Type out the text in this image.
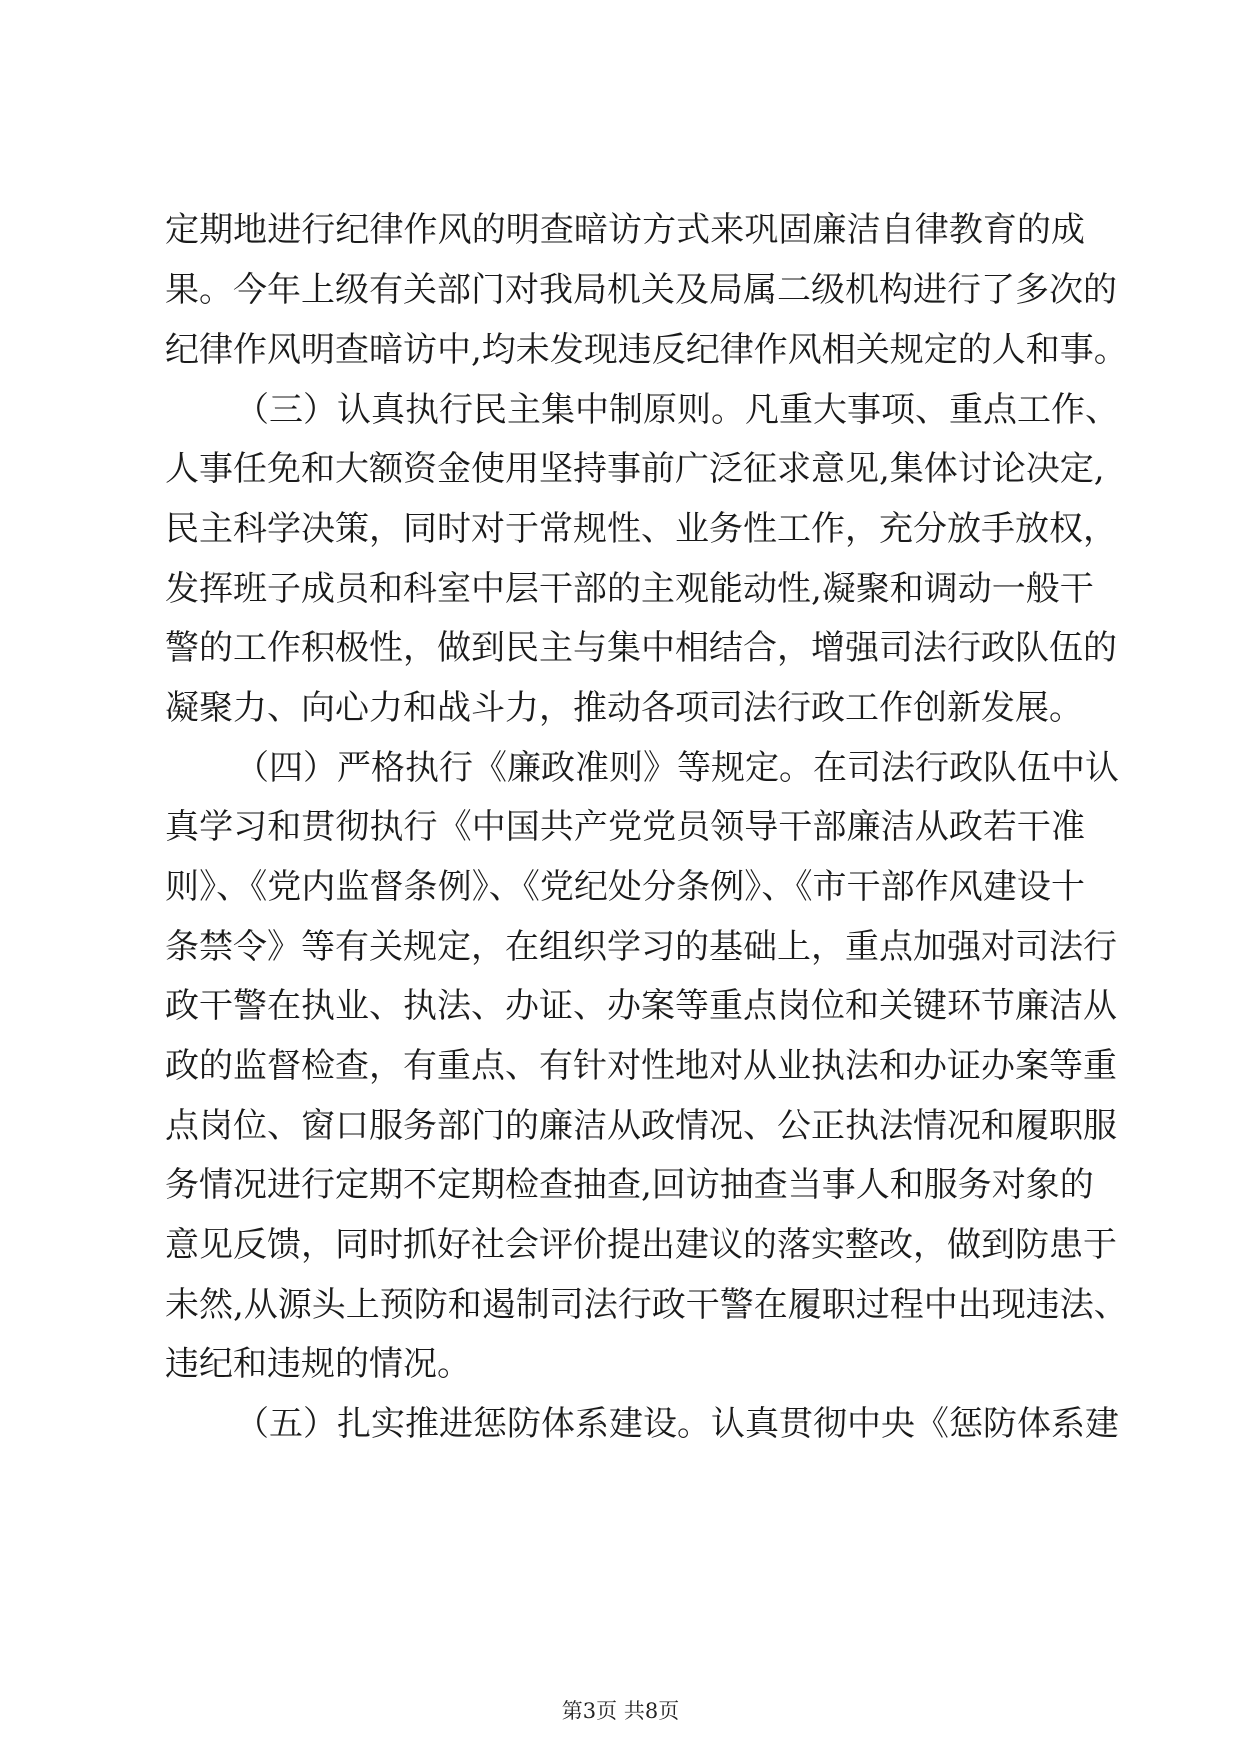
定期地进行纪律作风的明查暗访方式来巩固廉洁自律教育的成
果。今年上级有关部门对我局机关及局属二级机构进行了多次的
纪律作风明查暗访中,均未发现违反纪律作风相关规定的人和事。
（三）认真执行民主集中制原则。凡重大事项、重点工作、
人事任免和大额资金使用坚持事前广泛征求意见,集体讨论决定,
民主科学决策，同时对于常规性、业务性工作，充分放手放权，
发挥班子成员和科室中层干部的主观能动性,凝聚和调动一般干
警的工作积极性，做到民主与集中相结合，增强司法行政队伍的
凝聚力、向心力和战斗力，推动各项司法行政工作创新发展。
（四）严格执行《廉政准则》等规定。在司法行政队伍中认
真学习和贯彻执行《中国共产党党员领导干部廉洁从政若干准
则》、《党内监督条例》、《党纪处分条例》、《市干部作风建设十
条禁令》等有关规定，在组织学习的基础上，重点加强对司法行
政干警在执业、执法、办证、办案等重点岗位和关键环节廉洁从
政的监督检查，有重点、有针对性地对从业执法和办证办案等重
点岗位、窗口服务部门的廉洁从政情况、公正执法情况和履职服
务情况进行定期不定期检查抽查,回访抽查当事人和服务对象的
意见反馈，同时抓好社会评价提出建议的落实整改，做到防患于
未然,从源头上预防和遏制司法行政干警在履职过程中出现违法、
违纪和违规的情况。
（五）扎实推进惩防体系建设。认真贯彻中央《惩防体系建
第3页 共8页
